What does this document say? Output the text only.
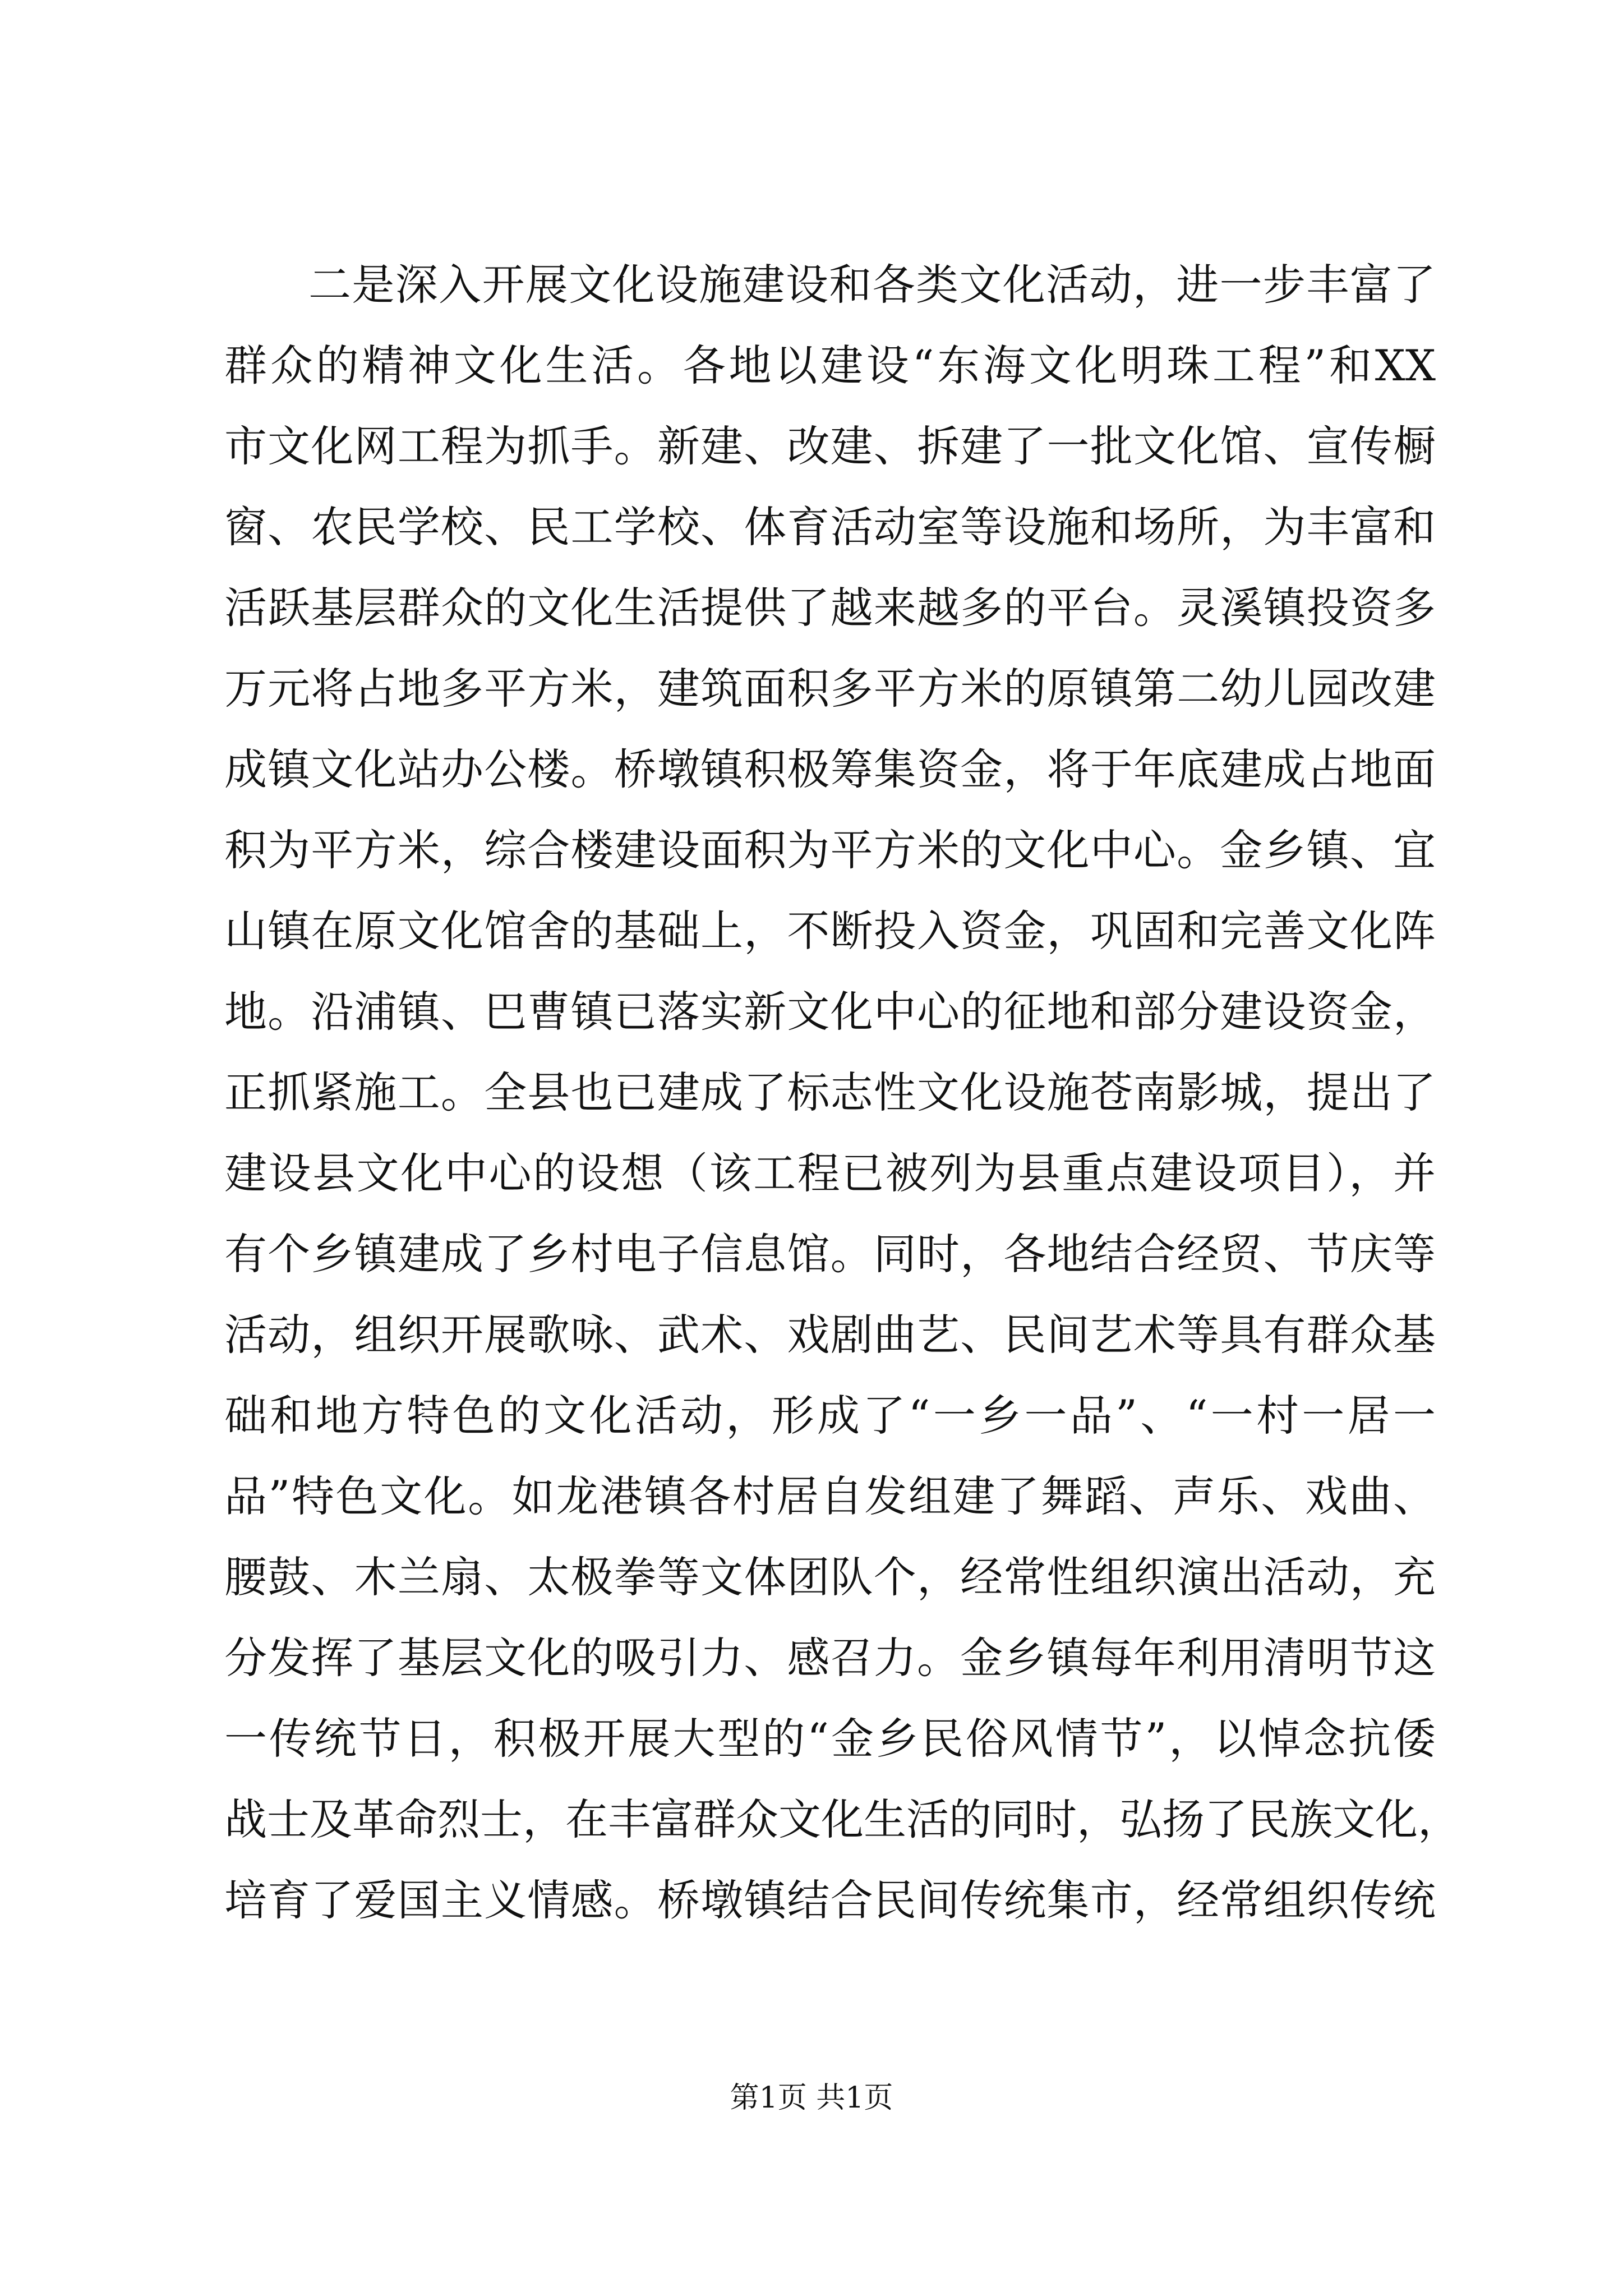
二是深入开展文化设施建设和各类文化活动，进一步丰富了
群众的精神文化生活。各地以建设“东海文化明珠工程”和XX
市文化网工程为抓手。新建、改建、拆建了一批文化馆、宣传橱
窗、农民学校、民工学校、体育活动室等设施和场所，为丰富和
活跃基层群众的文化生活提供了越来越多的平台。灵溪镇投资多
万元将占地多平方米，建筑面积多平方米的原镇第二幼儿园改建
成镇文化站办公楼。桥墩镇积极筹集资金，将于年底建成占地面
积为平方米，综合楼建设面积为平方米的文化中心。金乡镇、宜
山镇在原文化馆舍的基础上，不断投入资金，巩固和完善文化阵
地。沿浦镇、巴曹镇已落实新文化中心的征地和部分建设资金，
正抓紧施工。全县也已建成了标志性文化设施苍南影城，提出了
建设县文化中心的设想（该工程已被列为县重点建设项目），并
有个乡镇建成了乡村电子信息馆。同时，各地结合经贸、节庆等
活动，组织开展歌咏、武术、戏剧曲艺、民间艺术等具有群众基
础和地方特色的文化活动，形成了“一乡一品”、“一村一居一
品”特色文化。如龙港镇各村居自发组建了舞蹈、声乐、戏曲、
腰鼓、木兰扇、太极拳等文体团队个，经常性组织演出活动，充
分发挥了基层文化的吸引力、感召力。金乡镇每年利用清明节这
一传统节日，积极开展大型的“金乡民俗风情节”，以悼念抗倭
战士及革命烈士，在丰富群众文化生活的同时，弘扬了民族文化，
培育了爱国主义情感。桥墩镇结合民间传统集市，经常组织传统
第1页 共1页
